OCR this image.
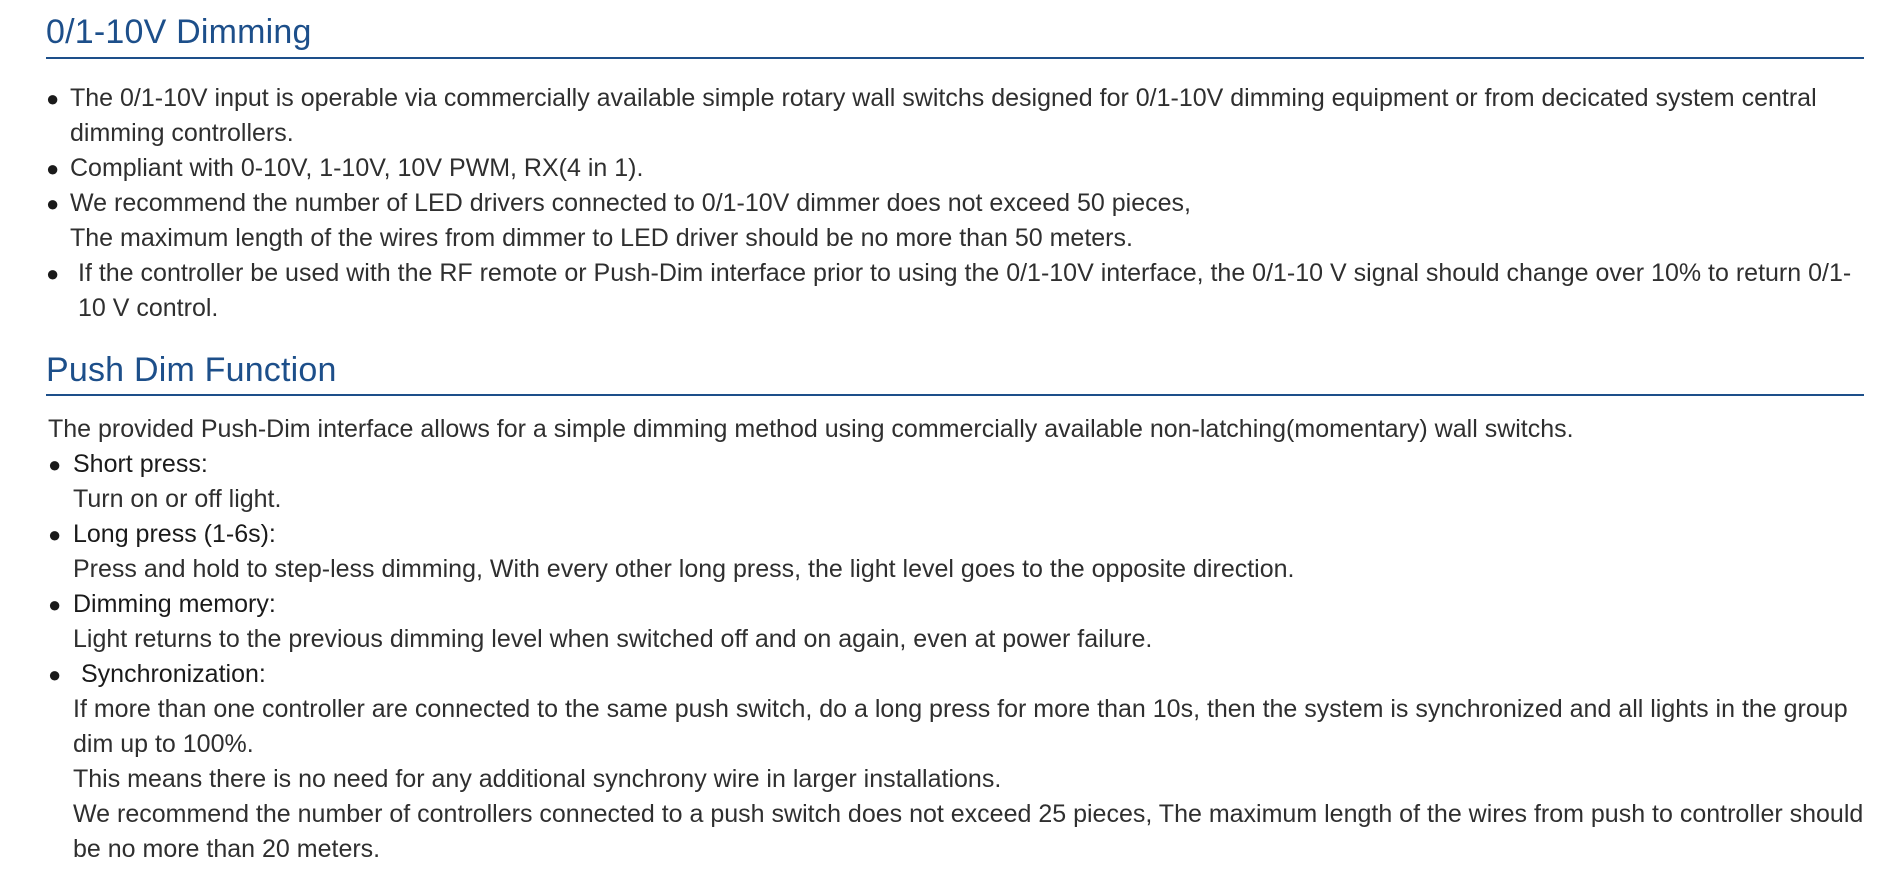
0/1-10V Dimming
● The 0/1-10V input is operable via commercially available simple rotary wall switchs designed for 0/1-10V dimming equipment or from decicated system central dimming controllers.
● Compliant with 0-10V, 1-10V, 10V PWM, RX(4 in 1).
● We recommend the number of LED drivers connected to 0/1-10V dimmer does not exceed 50 pieces,
The maximum length of the wires from dimmer to LED driver should be no more than 50 meters.
● If the controller be used with the RF remote or Push-Dim interface prior to using the 0/1-10V interface, the 0/1-10 V signal should change over 10% to return 0/1-10 V control.
Push Dim Function
The provided Push-Dim interface allows for a simple dimming method using commercially available non-latching(momentary) wall switchs.
● Short press:
Turn on or off light.
● Long press (1-6s):
Press and hold to step-less dimming, With every other long press, the light level goes to the opposite direction.
● Dimming memory:
Light returns to the previous dimming level when switched off and on again, even at power failure.
● Synchronization:
If more than one controller are connected to the same push switch, do a long press for more than 10s, then the system is synchronized and all lights in the group dim up to 100%.
This means there is no need for any additional synchrony wire in larger installations.
We recommend the number of controllers connected to a push switch does not exceed 25 pieces, The maximum length of the wires from push to controller should be no more than 20 meters.
